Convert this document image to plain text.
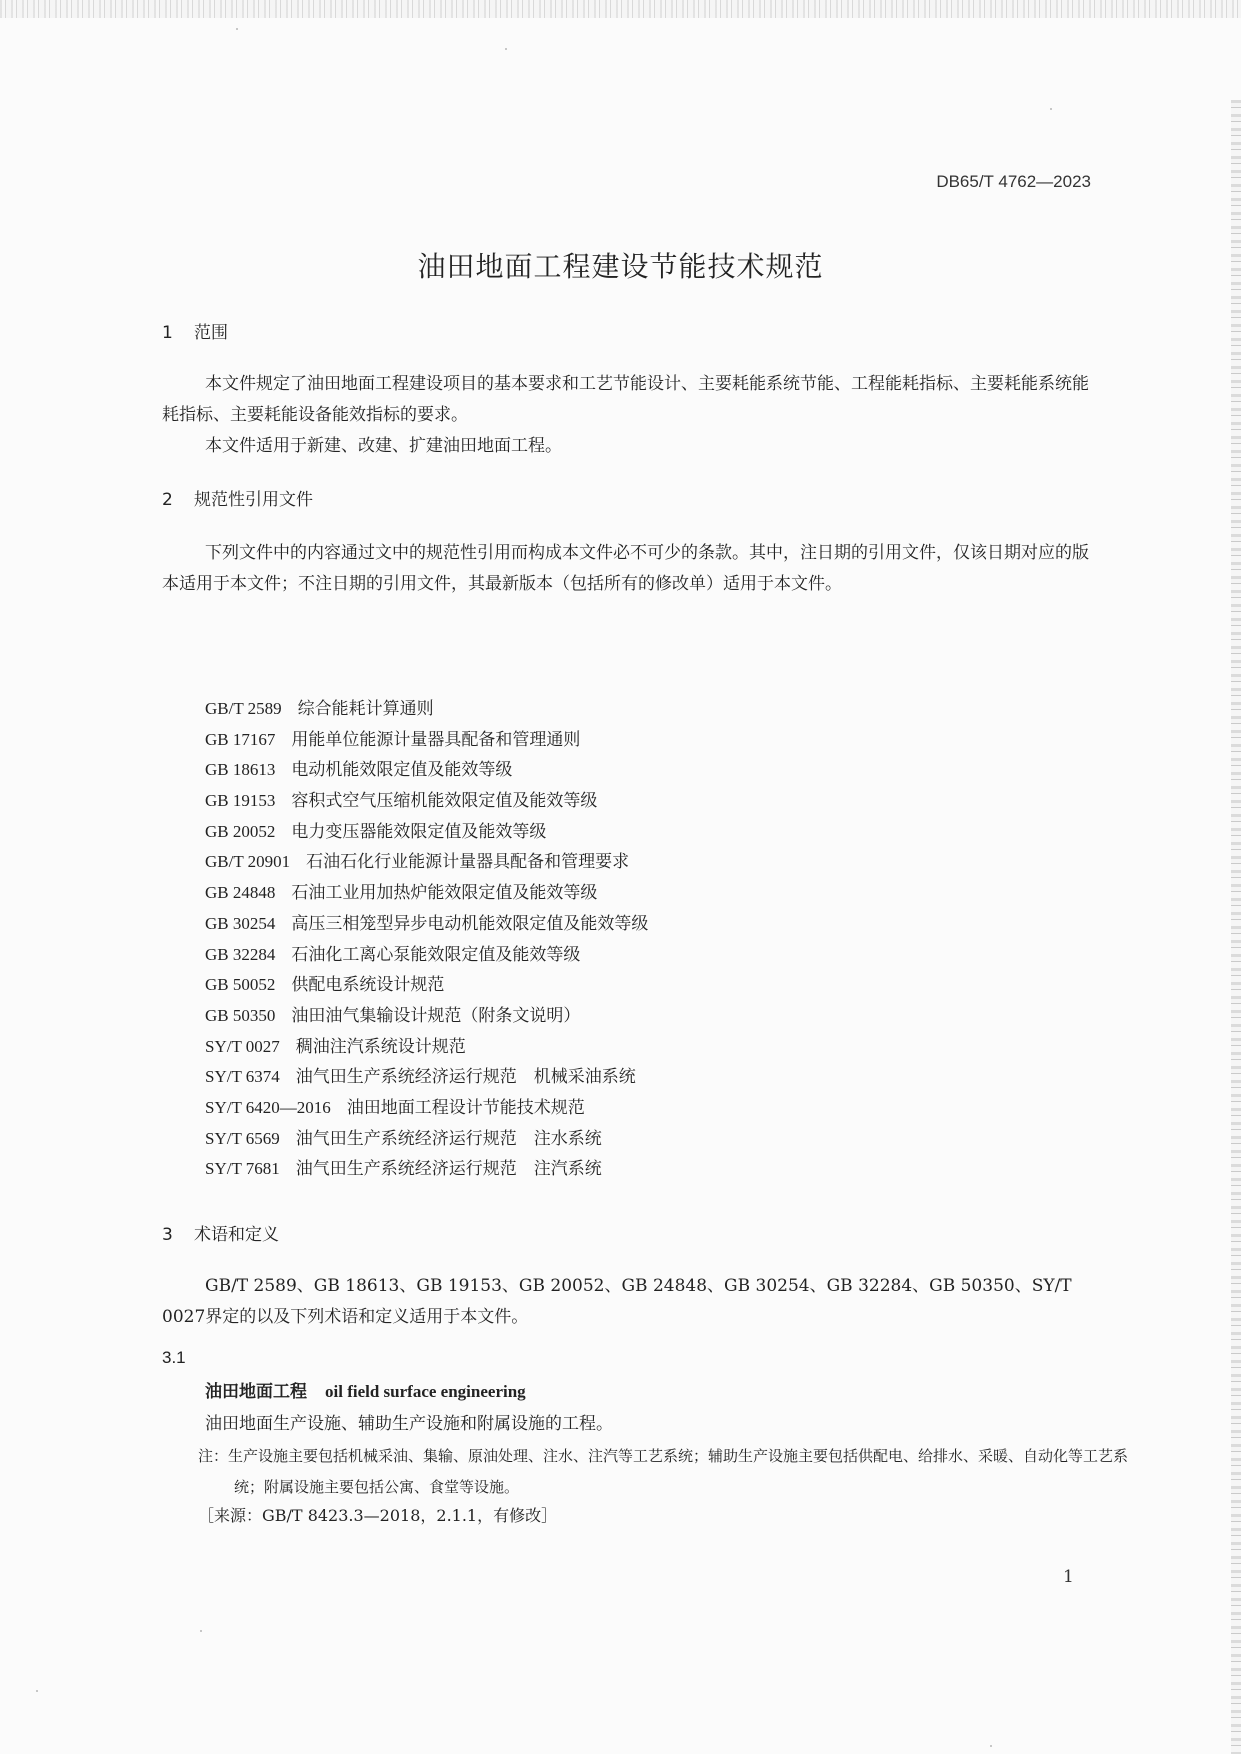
DB65/T 4762—2023
油田地面工程建设节能技术规范
1 范围
本文件规定了油田地面工程建设项目的基本要求和工艺节能设计、主要耗能系统节能、工程能耗指标、主要耗能系统能耗指标、主要耗能设备能效指标的要求。
本文件适用于新建、改建、扩建油田地面工程。
2 规范性引用文件
下列文件中的内容通过文中的规范性引用而构成本文件必不可少的条款。其中，注日期的引用文件，仅该日期对应的版本适用于本文件；不注日期的引用文件，其最新版本（包括所有的修改单）适用于本文件。
GB/T 2589 综合能耗计算通则
GB 17167 用能单位能源计量器具配备和管理通则
GB 18613 电动机能效限定值及能效等级
GB 19153 容积式空气压缩机能效限定值及能效等级
GB 20052 电力变压器能效限定值及能效等级
GB/T 20901 石油石化行业能源计量器具配备和管理要求
GB 24848 石油工业用加热炉能效限定值及能效等级
GB 30254 高压三相笼型异步电动机能效限定值及能效等级
GB 32284 石油化工离心泵能效限定值及能效等级
GB 50052 供配电系统设计规范
GB 50350 油田油气集输设计规范（附条文说明）
SY/T 0027 稠油注汽系统设计规范
SY/T 6374 油气田生产系统经济运行规范　机械采油系统
SY/T 6420—2016 油田地面工程设计节能技术规范
SY/T 6569 油气田生产系统经济运行规范　注水系统
SY/T 7681 油气田生产系统经济运行规范　注汽系统
3 术语和定义
GB/T 2589、GB 18613、GB 19153、GB 20052、GB 24848、GB 30254、GB 32284、GB 50350、SY/T 0027界定的以及下列术语和定义适用于本文件。
3.1
油田地面工程 oil field surface engineering
油田地面生产设施、辅助生产设施和附属设施的工程。
注：生产设施主要包括机械采油、集输、原油处理、注水、注汽等工艺系统；辅助生产设施主要包括供配电、给排水、采暖、自动化等工艺系统；附属设施主要包括公寓、食堂等设施。
［来源：GB/T 8423.3—2018，2.1.1，有修改］
1
